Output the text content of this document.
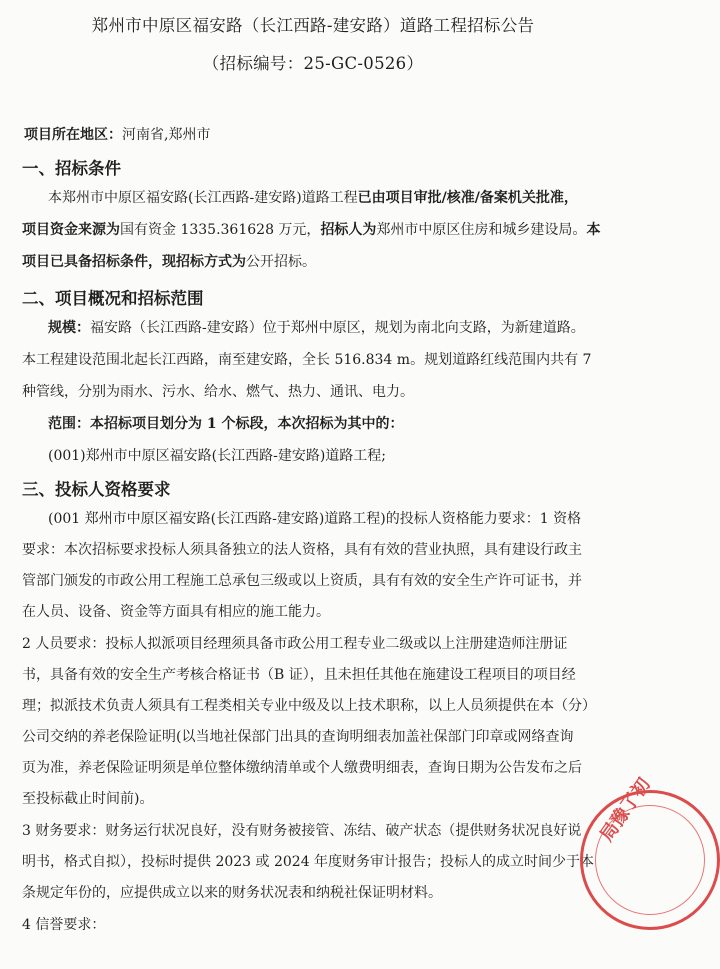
郑州市中原区福安路（长江西路-建安路）道路工程招标公告
（招标编号：25-GC-0526）
项目所在地区：河南省,郑州市
一、招标条件
本郑州市中原区福安路(长江西路-建安路)道路工程已由项目审批/核准/备案机关批准，
项目资金来源为国有资金 1335.361628 万元，招标人为郑州市中原区住房和城乡建设局。本
项目已具备招标条件，现招标方式为公开招标。
二、项目概况和招标范围
规模：福安路（长江西路-建安路）位于郑州中原区，规划为南北向支路，为新建道路。
本工程建设范围北起长江西路，南至建安路，全长 516.834 m。规划道路红线范围内共有 7
种管线，分别为雨水、污水、给水、燃气、热力、通讯、电力。
范围：本招标项目划分为 1 个标段，本次招标为其中的：
(001)郑州市中原区福安路(长江西路-建安路)道路工程;
三、投标人资格要求
(001 郑州市中原区福安路(长江西路-建安路)道路工程)的投标人资格能力要求：1 资格
要求：本次招标要求投标人须具备独立的法人资格，具有有效的营业执照，具有建设行政主
管部门颁发的市政公用工程施工总承包三级或以上资质，具有有效的安全生产许可证书，并
在人员、设备、资金等方面具有相应的施工能力。
2 人员要求：投标人拟派项目经理须具备市政公用工程专业二级或以上注册建造师注册证
书，具备有效的安全生产考核合格证书（B 证），且未担任其他在施建设工程项目的项目经
理；拟派技术负责人须具有工程类相关专业中级及以上技术职称，以上人员须提供在本（分）
公司交纳的养老保险证明(以当地社保部门出具的查询明细表加盖社保部门印章或网络查询
页为准，养老保险证明须是单位整体缴纳清单或个人缴费明细表，查询日期为公告发布之后
至投标截止时间前)。
3 财务要求：财务运行状况良好，没有财务被接管、冻结、破产状态（提供财务状况良好说
明书，格式自拟），投标时提供 2023 或 2024 年度财务审计报告；投标人的成立时间少于本
条规定年份的，应提供成立以来的财务状况表和纳税社保证明材料。
4 信誉要求：
局豫了初
